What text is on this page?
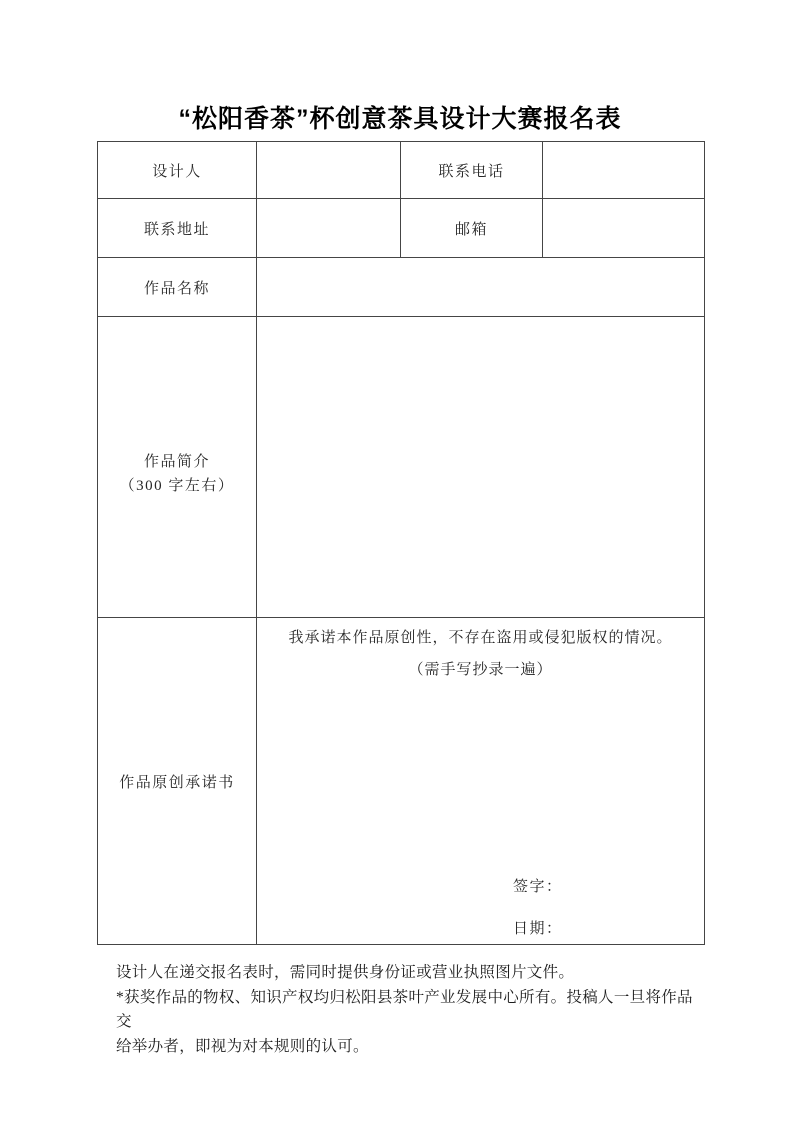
“松阳香茶”杯创意茶具设计大赛报名表
设计人		联系电话	
联系地址		邮箱	
作品名称			

作品简介
（300 字左右）			

作品原创承诺书	我承诺本作品原创性，不存在盗用或侵犯版权的情况。
（需手写抄录一遍）
签字：
日期：		
设计人在递交报名表时，需同时提供身份证或营业执照图片文件。
*获奖作品的物权、知识产权均归松阳县茶叶产业发展中心所有。投稿人一旦将作品交
给举办者，即视为对本规则的认可。
